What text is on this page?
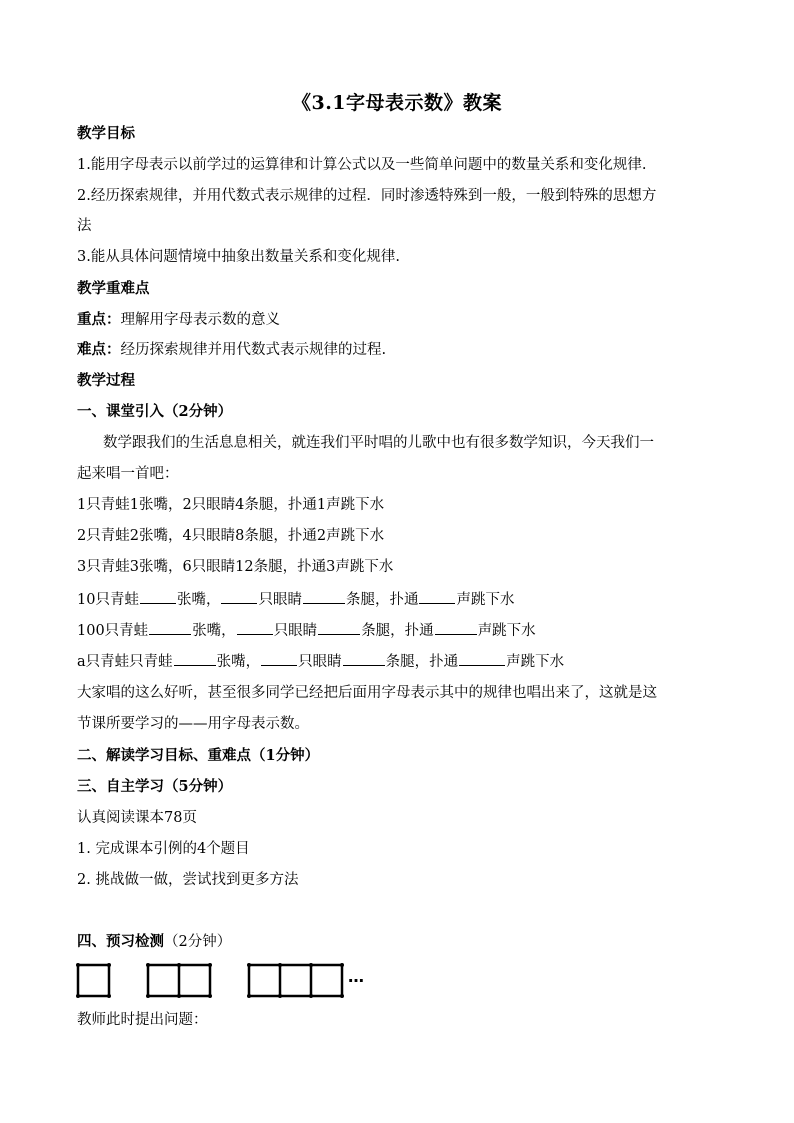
《3.1字母表示数》教案
教学目标
1.能用字母表示以前学过的运算律和计算公式以及一些简单问题中的数量关系和变化规律.
2.经历探索规律，并用代数式表示规律的过程．同时渗透特殊到一般，一般到特殊的思想方
法
3.能从具体问题情境中抽象出数量关系和变化规律.
教学重难点
重点：理解用字母表示数的意义
难点：经历探索规律并用代数式表示规律的过程.
教学过程
一、课堂引入（2分钟）
数学跟我们的生活息息相关，就连我们平时唱的儿歌中也有很多数学知识，今天我们一
起来唱一首吧：
1只青蛙1张嘴，2只眼睛4条腿，扑通1声跳下水
2只青蛙2张嘴，4只眼睛8条腿，扑通2声跳下水
3只青蛙3张嘴，6只眼睛12条腿，扑通3声跳下水
10只青蛙	张嘴，	只眼睛	条腿，扑通	声跳下水
100只青蛙	张嘴，	只眼睛	条腿，扑通	声跳下水
a只青蛙只青蛙	张嘴，	只眼睛	条腿，扑通	声跳下水
大家唱的这么好听，甚至很多同学已经把后面用字母表示其中的规律也唱出来了，这就是这
节课所要学习的——用字母表示数。
二、解读学习目标、重难点（1分钟）
三、自主学习（5分钟）
认真阅读课本78页
1. 完成课本引例的4个题目
2. 挑战做一做，尝试找到更多方法
四、预习检测（2分钟）
…
教师此时提出问题：
